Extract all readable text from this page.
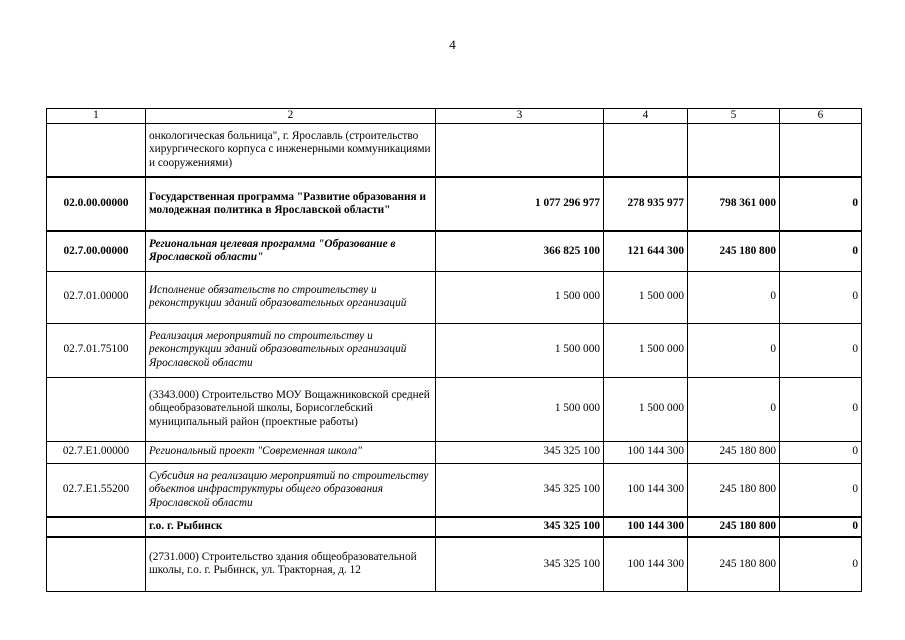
4
1	2	3	4	5	6
	онкологическая больница", г. Ярославль (строительство хирургического корпуса с инженерными коммуникациями и сооружениями)				
02.0.00.00000	Государственная программа "Развитие образования и молодежная политика в Ярославской области"	1 077 296 977	278 935 977	798 361 000	0
02.7.00.00000	Региональная целевая программа "Образование в Ярославской области"	366 825 100	121 644 300	245 180 800	0
02.7.01.00000	Исполнение обязательств по строительству и реконструкции зданий образовательных организаций	1 500 000	1 500 000	0	0
02.7.01.75100	Реализация мероприятий по строительству и реконструкции зданий образовательных организаций Ярославской области	1 500 000	1 500 000	0	0
	(3343.000) Строительство МОУ Вощажниковской средней общеобразовательной школы, Борисоглебский муниципальный район (проектные работы)	1 500 000	1 500 000	0	0
02.7.E1.00000	Региональный проект "Современная школа"	345 325 100	100 144 300	245 180 800	0
02.7.E1.55200	Субсидия на реализацию мероприятий по строительству объектов инфраструктуры общего образования Ярославской области	345 325 100	100 144 300	245 180 800	0
	г.о. г. Рыбинск	345 325 100	100 144 300	245 180 800	0
	(2731.000) Строительство здания общеобразовательной школы, г.о. г. Рыбинск, ул. Тракторная, д. 12	345 325 100	100 144 300	245 180 800	0
